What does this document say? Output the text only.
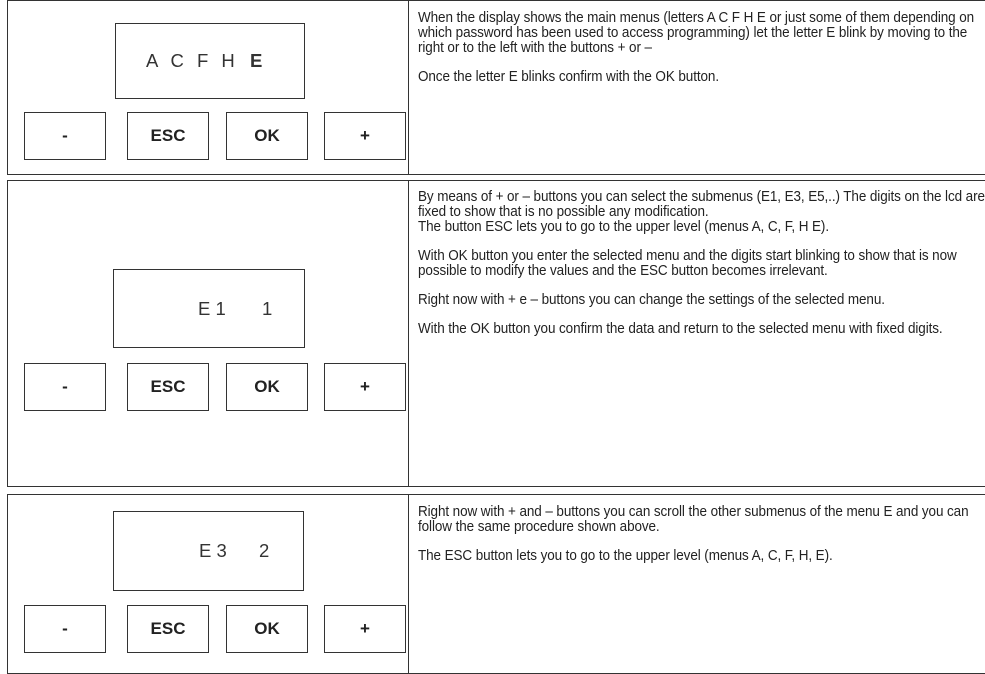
A C F H E
-	ESC	OK	+

When the display shows the main menus (letters A C F H E or just some of them depending on which password has been used to access programming) let the letter E blink by moving to the right or to the left with the buttons + or –

Once the letter E blinks confirm with the OK button.

E 1 1
-	ESC	OK	+

By means of + or – buttons you can select the submenus (E1, E3, E5,..) The digits on the lcd are fixed to show that is no possible any modification.

The button ESC lets you to go to the upper level (menus A, C, F, H E).

With OK button you enter the selected menu and the digits start blinking to show that is now possible to modify the values and the ESC button becomes irrelevant.

Right now with + e – buttons you can change the settings of the selected menu.

With the OK button you confirm the data and return to the selected menu with fixed digits.

E 3 2
-	ESC	OK	+

Right now with + and – buttons you can scroll the other submenus of the menu E and you can follow the same procedure shown above.

The ESC button lets you to go to the upper level (menus A, C, F, H, E).
